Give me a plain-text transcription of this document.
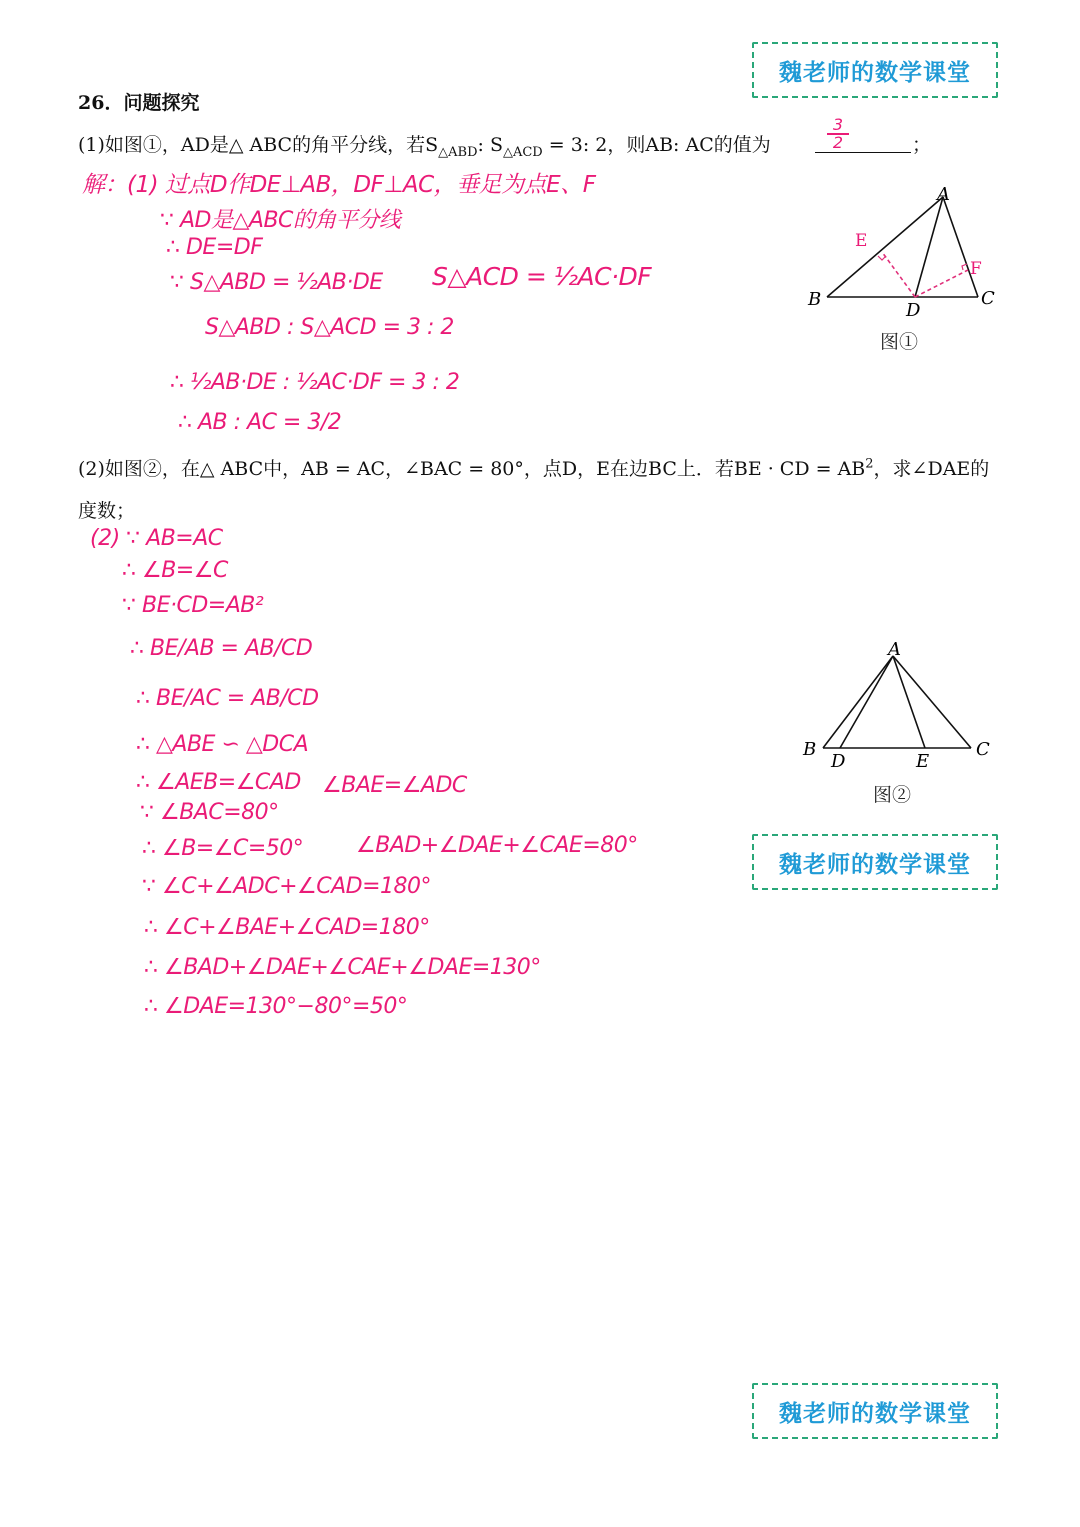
魏老师的数学课堂
魏老师的数学课堂
魏老师的数学课堂
26．问题探究
(1)如图①，AD是△ ABC的角平分线，若$S_{\triangle ABD}$: $S_{\triangle ACD} = 3$: 2，则AB: AC的值为
3
2	；
解：(1) 过点D作DE⊥AB，DF⊥AC，垂足为点E、F
∵ AD是△ABC的角平分线
∴ DE=DF
∵ S△ABD = ½AB·DE S△ACD = ½AC·DF
S△ABD : S△ACD = 3 : 2
∴ ½AB·DE : ½AC·DF = 3 : 2
∴ AB : AC = 3/2
A
B	C
D
E
F
图①
(2)如图②，在△ ABC中，AB = AC，∠BAC = 80°，点D，E在边BC上．若BE · CD = $AB^2$，求∠DAE的
度数；
(2) ∵ AB=AC
∴ ∠B=∠C
∵ BE·CD=AB²
∴ BE/AB = AB/CD
∴ BE/AC = AB/CD
∴ △ABE ∽ △DCA
∴ ∠AEB=∠CAD ∠BAE=∠ADC
∵ ∠BAC=80°
∴ ∠B=∠C=50° ∠BAD+∠DAE+∠CAE=80°
∵ ∠C+∠ADC+∠CAD=180°
∴ ∠C+∠BAE+∠CAD=180°
∴ ∠BAD+∠DAE+∠CAE+∠DAE=130°
∴ ∠DAE=130°−80°=50°
A
B	C
D	E
图②
